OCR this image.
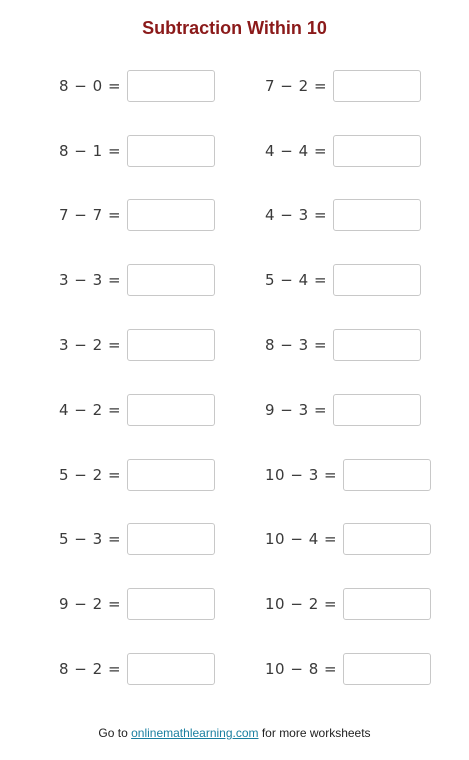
Subtraction Within 10
8 − 0 =
8 − 1 =
7 − 7 =
3 − 3 =
3 − 2 =
4 − 2 =
5 − 2 =
5 − 3 =
9 − 2 =
8 − 2 =
7 − 2 =
4 − 4 =
4 − 3 =
5 − 4 =
8 − 3 =
9 − 3 =
10 − 3 =
10 − 4 =
10 − 2 =
10 − 8 =
Go to onlinemathlearning.com for more worksheets
